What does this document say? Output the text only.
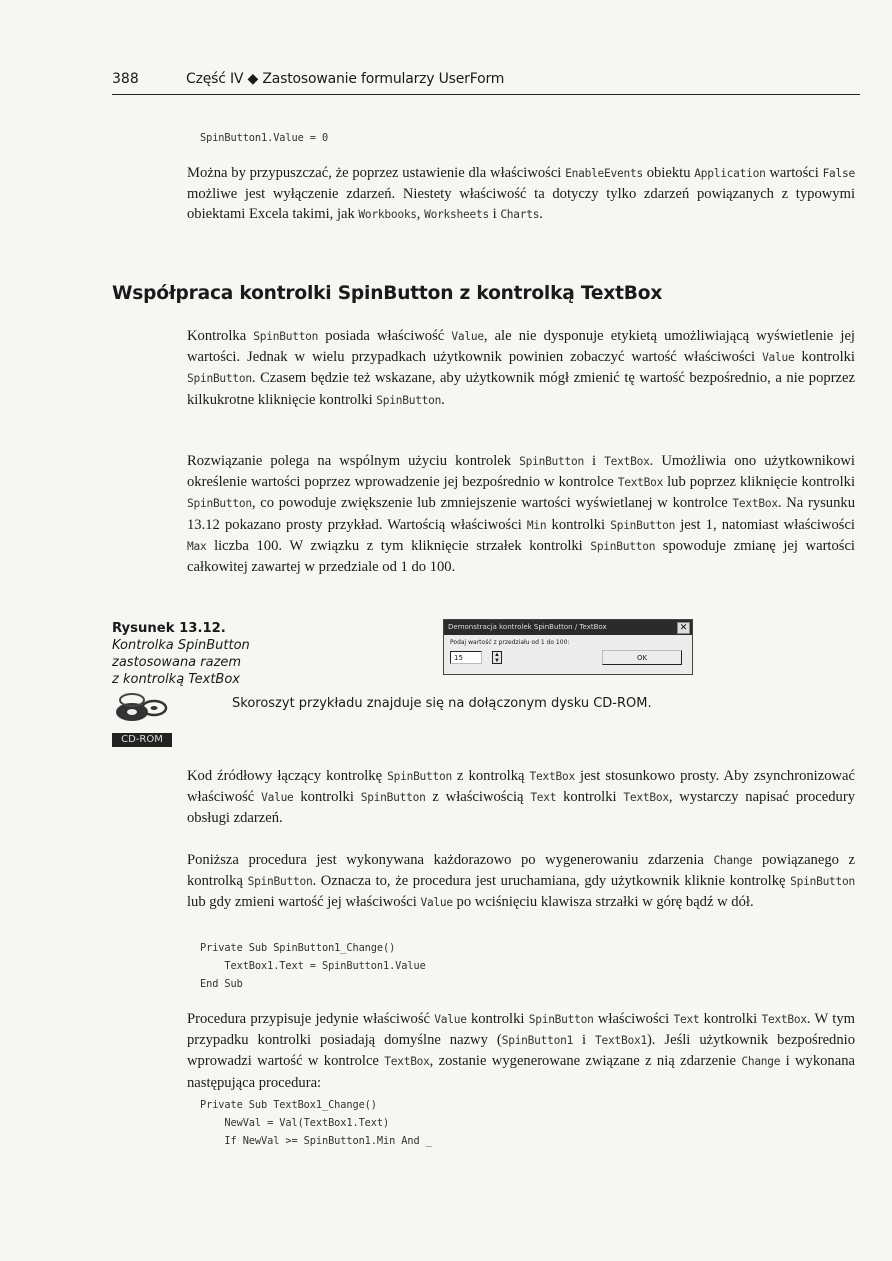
388	Część IV ◆ Zastosowanie formularzy UserForm
SpinButton1.Value = 0

Można by przypuszczać, że poprzez ustawienie dla właściwości EnableEvents obiektu Application wartości False możliwe jest wyłączenie zdarzeń. Niestety właściwość ta dotyczy tylko zdarzeń powiązanych z typowymi obiektami Excela takimi, jak Workbooks, Worksheets i Charts.

Współpraca kontrolki SpinButton z kontrolką TextBox

Kontrolka SpinButton posiada właściwość Value, ale nie dysponuje etykietą umożliwiającą wyświetlenie jej wartości. Jednak w wielu przypadkach użytkownik powinien zobaczyć wartość właściwości Value kontrolki SpinButton. Czasem będzie też wskazane, aby użytkownik mógł zmienić tę wartość bezpośrednio, a nie poprzez kilkukrotne kliknięcie kontrolki SpinButton.

Rozwiązanie polega na wspólnym użyciu kontrolek SpinButton i TextBox. Umożliwia ono użytkownikowi określenie wartości poprzez wprowadzenie jej bezpośrednio w kontrolce TextBox lub poprzez kliknięcie kontrolki SpinButton, co powoduje zwiększenie lub zmniejszenie wartości wyświetlanej w kontrolce TextBox. Na rysunku 13.12 pokazano prosty przykład. Wartością właściwości Min kontrolki SpinButton jest 1, natomiast właściwości Max liczba 100. W związku z tym kliknięcie strzałek kontrolki SpinButton spowoduje zmianę jej wartości całkowitej zawartej w przedziale od 1 do 100.

Rysunek 13.12.
Kontrolka SpinButton
zastosowana razem
z kontrolką TextBox
Demonstracja kontrolek SpinButton / TextBox	✕
Podaj wartość z przedziału od 1 do 100:
15	▲
▼	OK
CD-ROM
Skoroszyt przykładu znajduje się na dołączonym dysku CD-ROM.

Kod źródłowy łączący kontrolkę SpinButton z kontrolką TextBox jest stosunkowo prosty. Aby zsynchronizować właściwość Value kontrolki SpinButton z właściwością Text kontrolki TextBox, wystarczy napisać procedury obsługi zdarzeń.

Poniższa procedura jest wykonywana każdorazowo po wygenerowaniu zdarzenia Change powiązanego z kontrolką SpinButton. Oznacza to, że procedura jest uruchamiana, gdy użytkownik kliknie kontrolkę SpinButton lub gdy zmieni wartość jej właściwości Value po wciśnięciu klawisza strzałki w górę bądź w dół.

Private Sub SpinButton1_Change()
TextBox1.Text = SpinButton1.Value
End Sub

Procedura przypisuje jedynie właściwość Value kontrolki SpinButton właściwości Text kontrolki TextBox. W tym przypadku kontrolki posiadają domyślne nazwy (SpinButton1 i TextBox1). Jeśli użytkownik bezpośrednio wprowadzi wartość w kontrolce TextBox, zostanie wygenerowane związane z nią zdarzenie Change i wykonana następująca procedura:

Private Sub TextBox1_Change()
NewVal = Val(TextBox1.Text)
If NewVal >= SpinButton1.Min And _
